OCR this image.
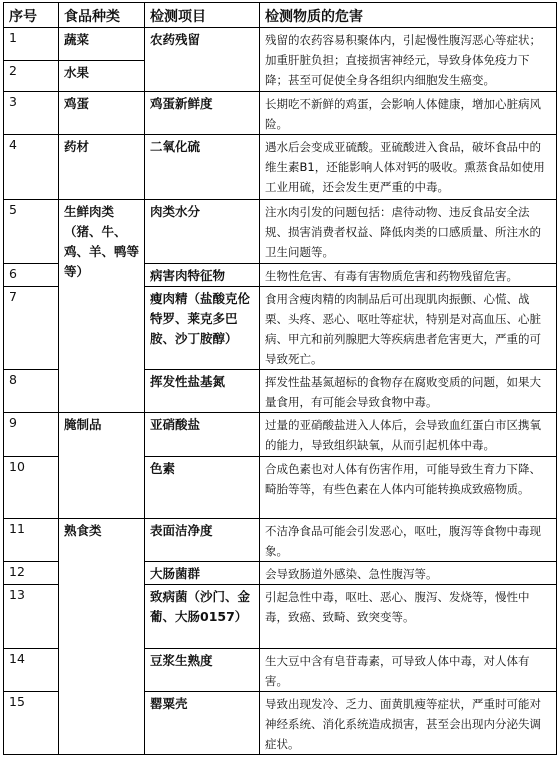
序号	食品种类	检测项目	检测物质的危害
1	蔬菜	农药残留	残留的农药容易积聚体内，引起慢性腹泻恶心等症状；加重肝脏负担；直接损害神经元，导致身体免疫力下降；甚至可促使全身各组织内细胞发生癌变。
2	水果		
3	鸡蛋	鸡蛋新鲜度	长期吃不新鲜的鸡蛋，会影响人体健康，增加心脏病风险。
4	药材	二氧化硫	遇水后会变成亚硫酸。亚硫酸进入食品，破坏食品中的维生素B1，还能影响人体对钙的吸收。熏蒸食品如使用工业用硫，还会发生更严重的中毒。
5	生鲜肉类（猪、牛、鸡、羊、鸭等等）	肉类水分	注水肉引发的问题包括：虐待动物、违反食品安全法规、损害消费者权益、降低肉类的口感质量、所注水的卫生问题等。
6		病害肉特征物	生物性危害、有毒有害物质危害和药物残留危害。
7		瘦肉精（盐酸克伦特罗、莱克多巴胺、沙丁胺醇）	食用含瘦肉精的肉制品后可出现肌肉振颤、心慌、战栗、头疼、恶心、呕吐等症状，特别是对高血压、心脏病、甲亢和前列腺肥大等疾病患者危害更大，严重的可导致死亡。
8		挥发性盐基氮	挥发性盐基氮超标的食物存在腐败变质的问题，如果大量食用，有可能会导致食物中毒。
9	腌制品	亚硝酸盐	过量的亚硝酸盐进入人体后，会导致血红蛋白市区携氧的能力，导致组织缺氧，从而引起机体中毒。
10		色素	合成色素也对人体有伤害作用，可能导致生育力下降、畸胎等等，有些色素在人体内可能转换成致癌物质。
11	熟食类	表面洁净度	不洁净食品可能会引发恶心，呕吐，腹泻等食物中毒现象。
12		大肠菌群	会导致肠道外感染、急性腹泻等。
13		致病菌（沙门、金葡、大肠0157）	引起急性中毒，呕吐、恶心、腹泻、发烧等，慢性中毒，致癌、致畸、致突变等。
14		豆浆生熟度	生大豆中含有皂苷毒素，可导致人体中毒，对人体有害。
15		罂粟壳	导致出现发冷、乏力、面黄肌瘦等症状，严重时可能对神经系统、消化系统造成损害，甚至会出现内分泌失调症状。
